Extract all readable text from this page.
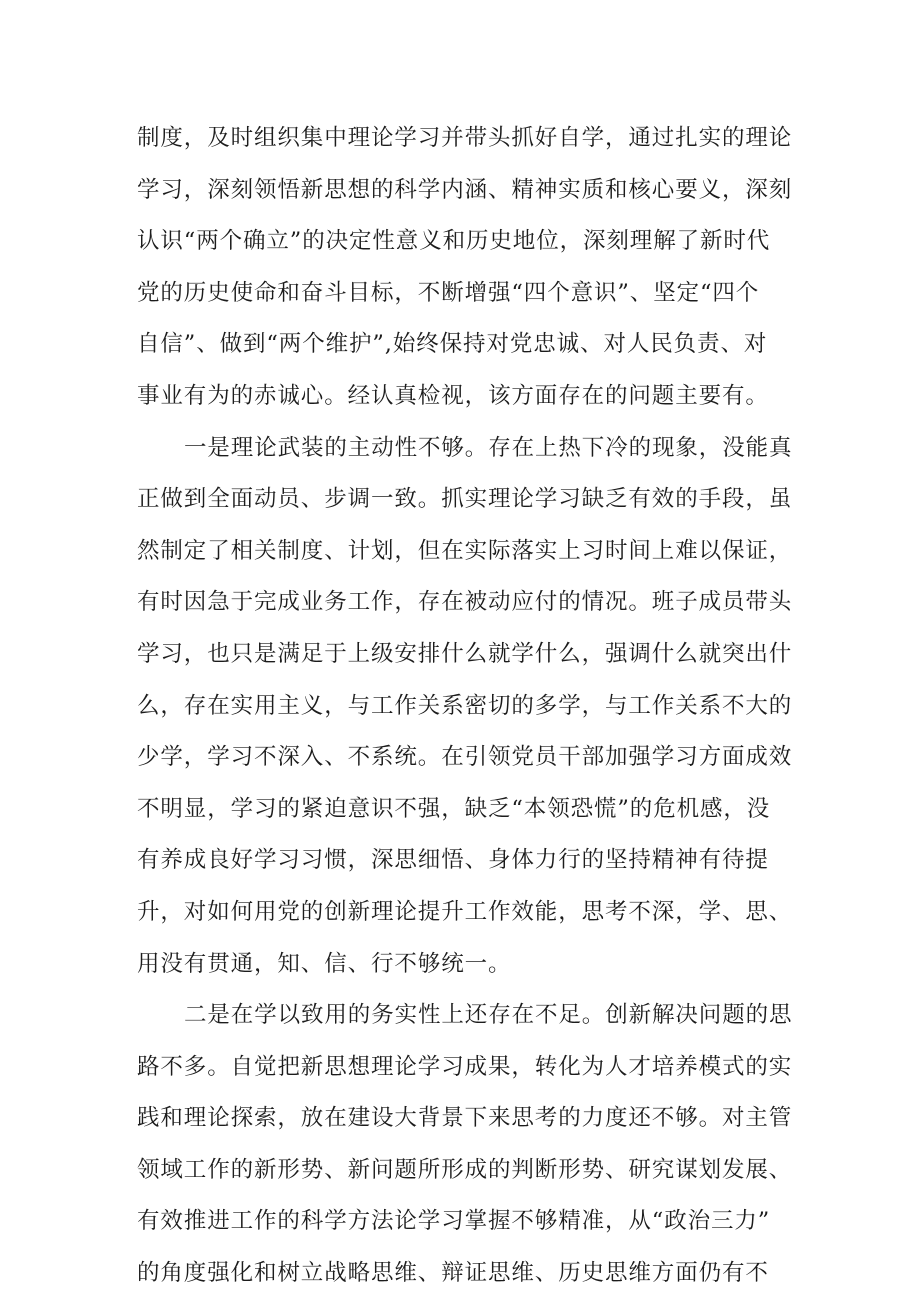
制度，及时组织集中理论学习并带头抓好自学，通过扎实的理论
学习，深刻领悟新思想的科学内涵、精神实质和核心要义，深刻
认识“两个确立”的决定性意义和历史地位，深刻理解了新时代
党的历史使命和奋斗目标，不断增强“四个意识”、坚定“四个
自信”、做到“两个维护”,始终保持对党忠诚、对人民负责、对
事业有为的赤诚心。经认真检视，该方面存在的问题主要有。
一是理论武装的主动性不够。存在上热下冷的现象，没能真
正做到全面动员、步调一致。抓实理论学习缺乏有效的手段，虽
然制定了相关制度、计划，但在实际落实上习时间上难以保证，
有时因急于完成业务工作，存在被动应付的情况。班子成员带头
学习，也只是满足于上级安排什么就学什么，强调什么就突出什
么，存在实用主义，与工作关系密切的多学，与工作关系不大的
少学，学习不深入、不系统。在引领党员干部加强学习方面成效
不明显，学习的紧迫意识不强，缺乏“本领恐慌”的危机感，没
有养成良好学习习惯，深思细悟、身体力行的坚持精神有待提
升，对如何用党的创新理论提升工作效能，思考不深，学、思、
用没有贯通，知、信、行不够统一。
二是在学以致用的务实性上还存在不足。创新解决问题的思
路不多。自觉把新思想理论学习成果，转化为人才培养模式的实
践和理论探索，放在建设大背景下来思考的力度还不够。对主管
领域工作的新形势、新问题所形成的判断形势、研究谋划发展、
有效推进工作的科学方法论学习掌握不够精准，从“政治三力”
的角度强化和树立战略思维、辩证思维、历史思维方面仍有不
